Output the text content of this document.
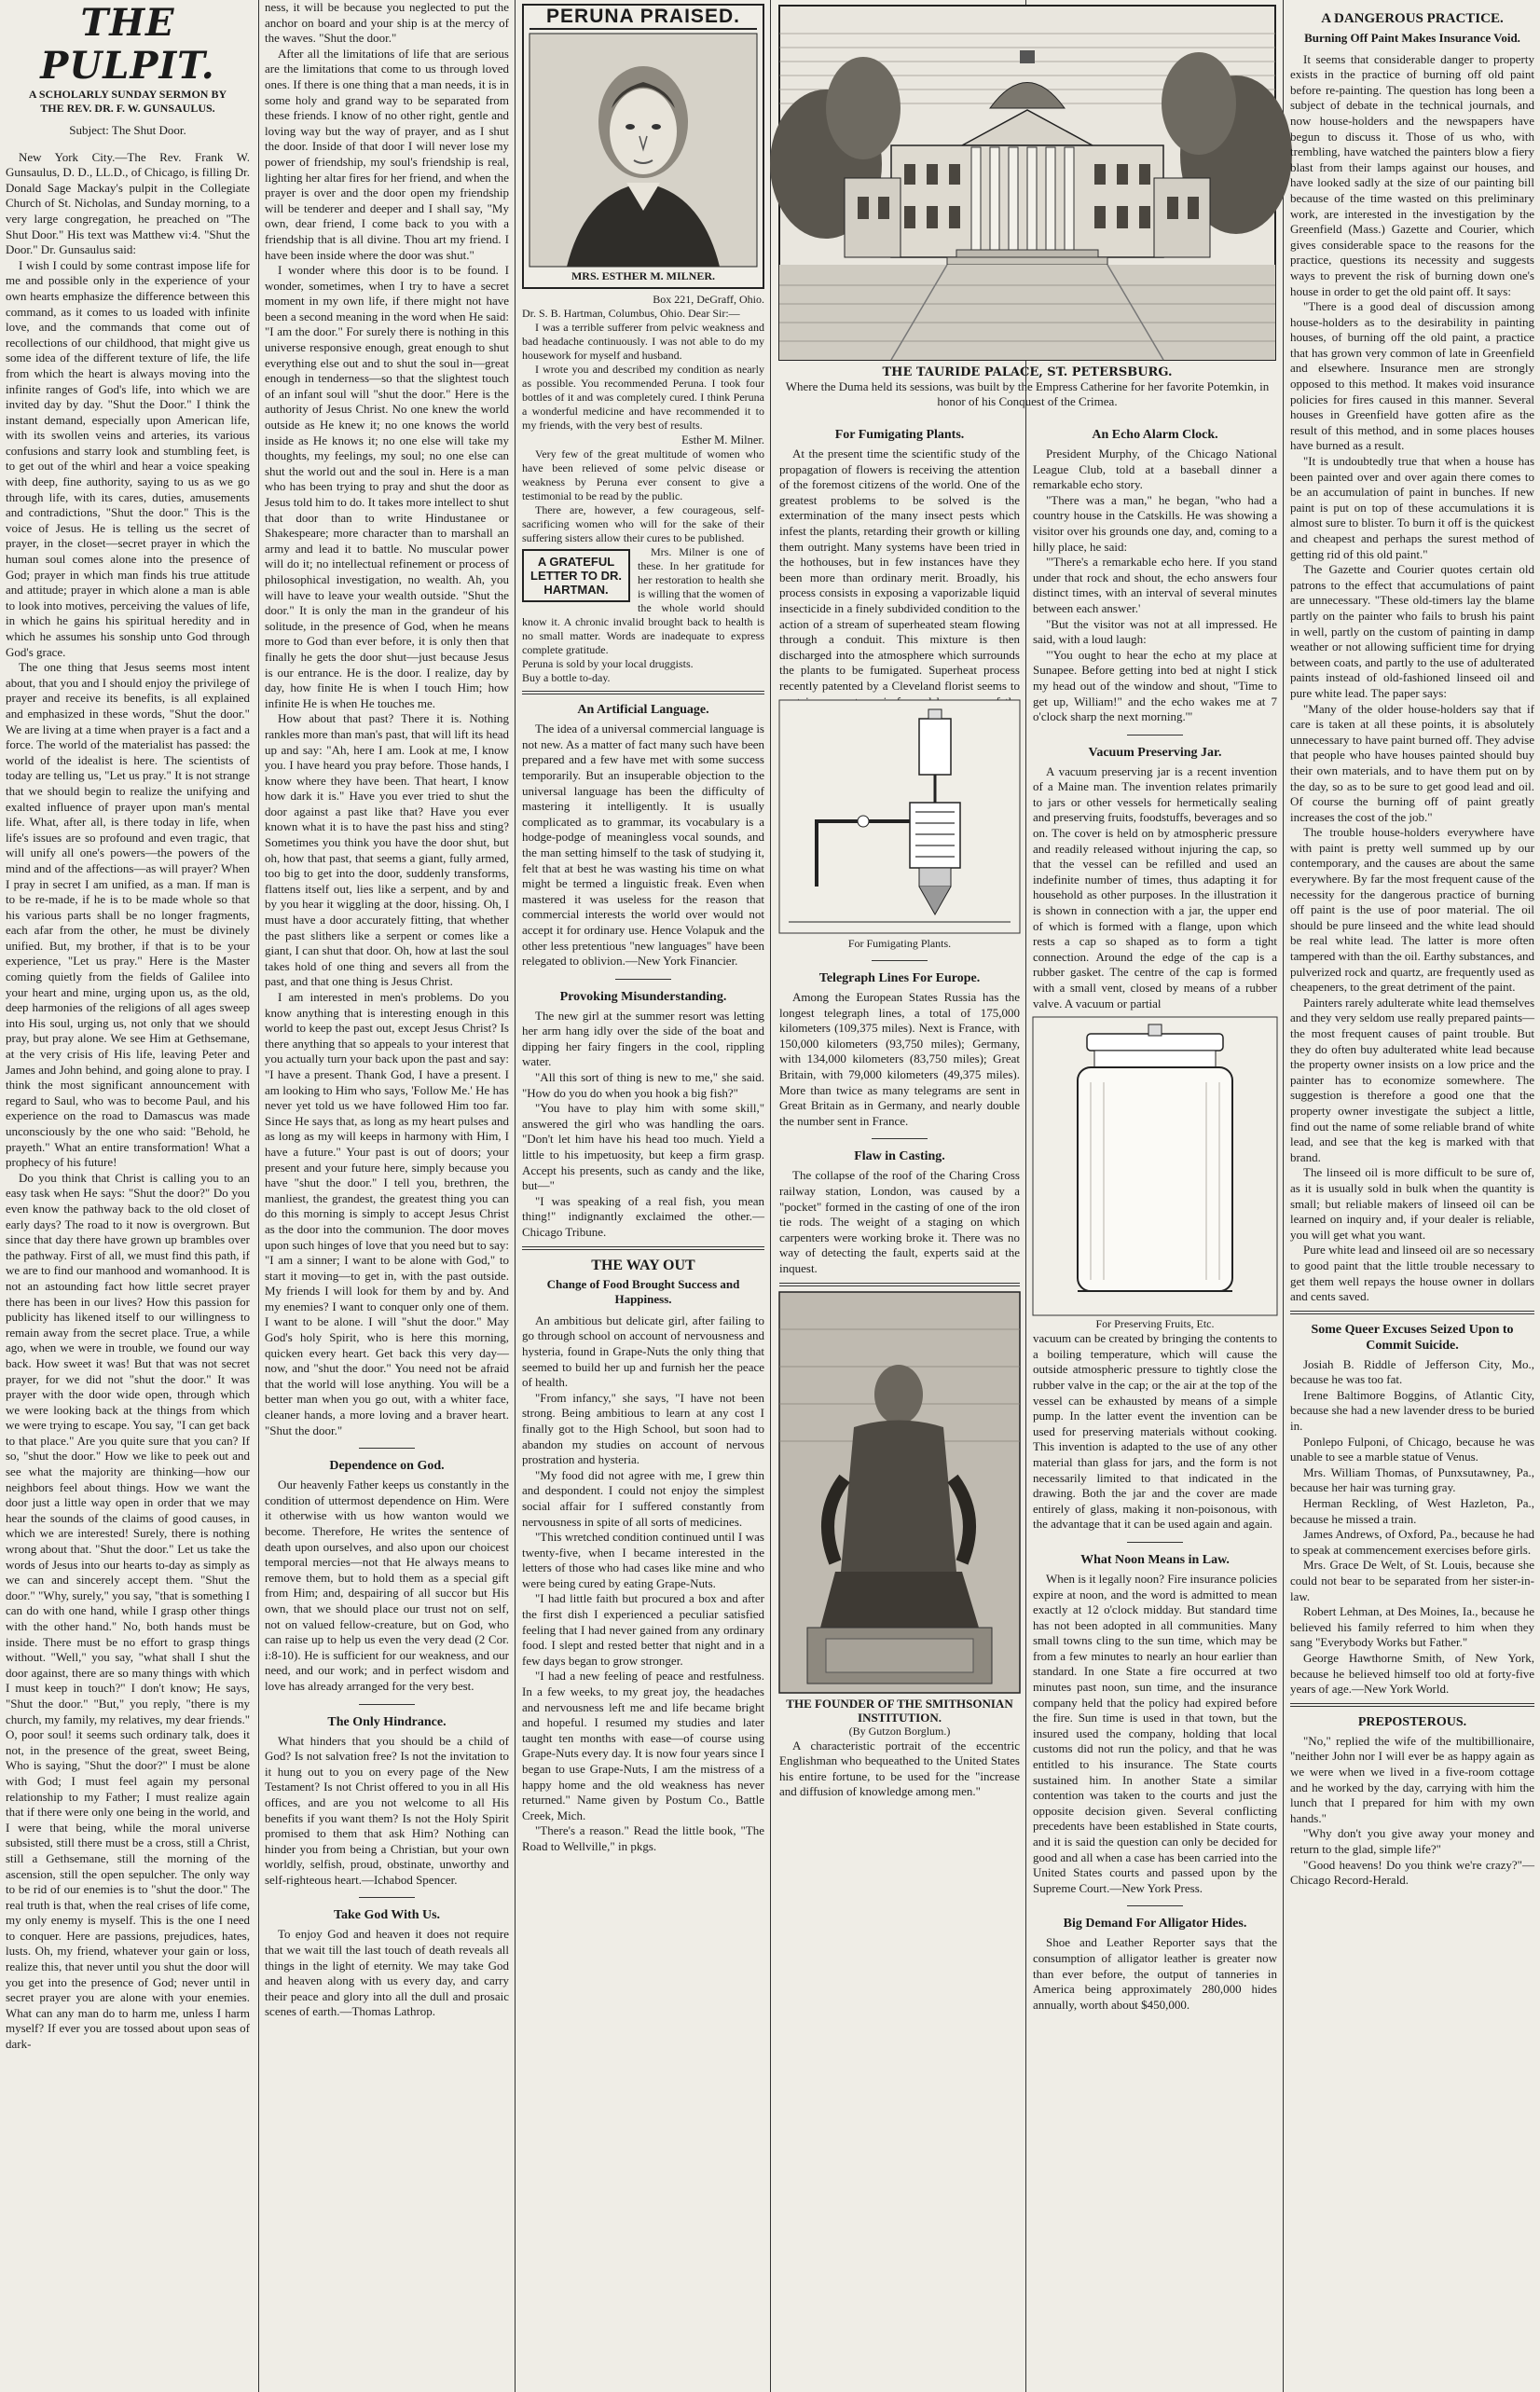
THE PULPIT.
A SCHOLARLY SUNDAY SERMON BY
THE REV. DR. F. W. GUNSAULUS.
Subject: The Shut Door.

New York City.—The Rev. Frank W. Gunsaulus, D. D., LL.D., of Chicago, is filling Dr. Donald Sage Mackay's pulpit in the Collegiate Church of St. Nicholas, and Sunday morning, to a very large congregation, he preached on "The Shut Door." His text was Matthew vi:4. "Shut the Door." Dr. Gunsaulus said:

I wish I could by some contrast impose life for me and possible only in the experience of your own hearts emphasize the difference between this command, as it comes to us loaded with infinite love, and the commands that come out of recollections of our childhood, that might give us some idea of the different texture of life, the life from which the heart is always moving into the infinite ranges of God's life, into which we are invited day by day. "Shut the Door." I think the instant demand, especially upon American life, with its swollen veins and arteries, its various confusions and starry look and stumbling feet, is to get out of the whirl and hear a voice speaking with deep, fine authority, saying to us as we go through life, with its cares, duties, amusements and contradictions, "Shut the door." This is the voice of Jesus. He is telling us the secret of prayer, in the closet—secret prayer in which the human soul comes alone into the presence of God; prayer in which man finds his true attitude and attitude; prayer in which alone a man is able to look into motives, perceiving the values of life, in which he gains his spiritual heredity and in which he assumes his sonship unto God through God's grace.

The one thing that Jesus seems most intent about, that you and I should enjoy the privilege of prayer and receive its benefits, is all explained and emphasized in these words, "Shut the door." We are living at a time when prayer is a fact and a force. The world of the materialist has passed: the world of the idealist is here. The scientists of today are telling us, "Let us pray." It is not strange that we should begin to realize the unifying and exalted influence of prayer upon man's mental life. What, after all, is there today in life, when life's issues are so profound and even tragic, that will unify all one's powers—the powers of the mind and of the affections—as will prayer? When I pray in secret I am unified, as a man. If man is to be re-made, if he is to be made whole so that his various parts shall be no longer fragments, each afar from the other, he must be divinely unified. But, my brother, if that is to be your experience, "Let us pray." Here is the Master coming quietly from the fields of Galilee into your heart and mine, urging upon us, as the old, deep harmonies of the religions of all ages sweep into His soul, urging us, not only that we should pray, but pray alone. We see Him at Gethsemane, at the very crisis of His life, leaving Peter and James and John behind, and going alone to pray. I think the most significant announcement with regard to Saul, who was to become Paul, and his experience on the road to Damascus was made unconsciously by the one who said: "Behold, he prayeth." What an entire transformation! What a prophecy of his future!

Do you think that Christ is calling you to an easy task when He says: "Shut the door?" Do you even know the pathway back to the old closet of early days? The road to it now is overgrown. But since that day there have grown up brambles over the pathway. First of all, we must find this path, if we are to find our manhood and womanhood. It is not an astounding fact how little secret prayer there has been in our lives? How this passion for publicity has likened itself to our willingness to remain away from the secret place. True, a while ago, when we were in trouble, we found our way back. How sweet it was! But that was not secret prayer, for we did not "shut the door." It was prayer with the door wide open, through which we were looking back at the things from which we were trying to escape. You say, "I can get back to that place." Are you quite sure that you can? If so, "shut the door." How we like to peek out and see what the majority are thinking—how our neighbors feel about things. How we want the door just a little way open in order that we may hear the sounds of the claims of good causes, in which we are interested! Surely, there is nothing wrong about that. "Shut the door." Let us take the words of Jesus into our hearts to-day as simply as we can and sincerely accept them. "Shut the door." "Why, surely," you say, "that is something I can do with one hand, while I grasp other things with the other hand." No, both hands must be inside. There must be no effort to grasp things without. "Well," you say, "what shall I shut the door against, there are so many things with which I must keep in touch?" I don't know; He says, "Shut the door." "But," you reply, "there is my church, my family, my relatives, my dear friends." O, poor soul! it seems such ordinary talk, does it not, in the presence of the great, sweet Being, Who is saying, "Shut the door?" I must be alone with God; I must feel again my personal relationship to my Father; I must realize again that if there were only one being in the world, and I were that being, while the moral universe subsisted, still there must be a cross, still a Christ, still a Gethsemane, still the morning of the ascension, still the open sepulcher. The only way to be rid of our enemies is to "shut the door." The real truth is that, when the real crises of life come, my only enemy is myself. This is the one I need to conquer. Here are passions, prejudices, hates, lusts. Oh, my friend, whatever your gain or loss, realize this, that never until you shut the door will you get into the presence of God; never until in secret prayer you are alone with your enemies. What can any man do to harm me, unless I harm myself? If ever you are tossed about upon seas of dark-

ness, it will be because you neglected to put the anchor on board and your ship is at the mercy of the waves. "Shut the door."

After all the limitations of life that are serious are the limitations that come to us through loved ones. If there is one thing that a man needs, it is in some holy and grand way to be separated from these friends. I know of no other right, gentle and loving way but the way of prayer, and as I shut the door. Inside of that door I will never lose my power of friendship, my soul's friendship is real, lighting her altar fires for her friend, and when the prayer is over and the door open my friendship will be tenderer and deeper and I shall say, "My own, dear friend, I come back to you with a friendship that is all divine. Thou art my friend. I have been inside where the door was shut."

I wonder where this door is to be found. I wonder, sometimes, when I try to have a secret moment in my own life, if there might not have been a second meaning in the word when He said: "I am the door." For surely there is nothing in this universe responsive enough, great enough to shut everything else out and to shut the soul in—great enough in tenderness—so that the slightest touch of an infant soul will "shut the door." Here is the authority of Jesus Christ. No one knew the world outside as He knew it; no one knows the world inside as He knows it; no one else will take my thoughts, my feelings, my soul; no one else can shut the world out and the soul in. Here is a man who has been trying to pray and shut the door as Jesus told him to do. It takes more intellect to shut that door than to write Hindustanee or Shakespeare; more character than to marshall an army and lead it to battle. No muscular power will do it; no intellectual refinement or process of philosophical investigation, no wealth. Ah, you will have to leave your wealth outside. "Shut the door." It is only the man in the grandeur of his solitude, in the presence of God, when he means more to God than ever before, it is only then that finally he gets the door shut—just because Jesus is our entrance. He is the door. I realize, day by day, how finite He is when I touch Him; how infinite He is when He touches me.

How about that past? There it is. Nothing rankles more than man's past, that will lift its head up and say: "Ah, here I am. Look at me, I know you. I have heard you pray before. Those hands, I know where they have been. That heart, I know how dark it is." Have you ever tried to shut the door against a past like that? Have you ever known what it is to have the past hiss and sting? Sometimes you think you have the door shut, but oh, how that past, that seems a giant, fully armed, too big to get into the door, suddenly transforms, flattens itself out, lies like a serpent, and by and by you hear it wiggling at the door, hissing. Oh, I must have a door accurately fitting, that whether the past slithers like a serpent or comes like a giant, I can shut that door. Oh, how at last the soul takes hold of one thing and severs all from the past, and that one thing is Jesus Christ.

I am interested in men's problems. Do you know anything that is interesting enough in this world to keep the past out, except Jesus Christ? Is there anything that so appeals to your interest that you actually turn your back upon the past and say: "I have a present. Thank God, I have a present. I am looking to Him who says, 'Follow Me.' He has never yet told us we have followed Him too far. Since He says that, as long as my heart pulses and as long as my will keeps in harmony with Him, I have a future." Your past is out of doors; your present and your future here, simply because you have "shut the door." I tell you, brethren, the manliest, the grandest, the greatest thing you can do this morning is simply to accept Jesus Christ as the door into the communion. The door moves upon such hinges of love that you need but to say: "I am a sinner; I want to be alone with God," to start it moving—to get in, with the past outside. My friends I will look for them by and by. And my enemies? I want to conquer only one of them. I want to be alone. I will "shut the door." May God's holy Spirit, who is here this morning, quicken every heart. Get back this very day—now, and "shut the door." You need not be afraid that the world will lose anything. You will be a better man when you go out, with a whiter face, cleaner hands, a more loving and a braver heart. "Shut the door."

Dependence on God.

Our heavenly Father keeps us constantly in the condition of uttermost dependence on Him. Were it otherwise with us how wanton would we become. Therefore, He writes the sentence of death upon ourselves, and also upon our choicest temporal mercies—not that He always means to remove them, but to hold them as a special gift from Him; and, despairing of all succor but His own, that we should place our trust not on self, not on valued fellow-creature, but on God, who can raise up to help us even the very dead (2 Cor. i:8-10). He is sufficient for our weakness, and our need, and our work; and in perfect wisdom and love has already arranged for the very best.

The Only Hindrance.

What hinders that you should be a child of God? Is not salvation free? Is not the invitation to it hung out to you on every page of the New Testament? Is not Christ offered to you in all His offices, and are you not welcome to all His benefits if you want them? Is not the Holy Spirit promised to them that ask Him? Nothing can hinder you from being a Christian, but your own worldly, selfish, proud, obstinate, unworthy and self-righteous heart.—Ichabod Spencer.

Take God With Us.

To enjoy God and heaven it does not require that we wait till the last touch of death reveals all things in the light of eternity. We may take God and heaven along with us every day, and carry their peace and glory into all the dull and prosaic scenes of earth.—Thomas Lathrop.

PERUNA PRAISED.
MRS. ESTHER M. MILNER.
Box 221, DeGraff, Ohio.

Dr. S. B. Hartman, Columbus, Ohio. Dear Sir:—

I was a terrible sufferer from pelvic weakness and bad headache continuously. I was not able to do my housework for myself and husband.

I wrote you and described my condition as nearly as possible. You recommended Peruna. I took four bottles of it and was completely cured. I think Peruna a wonderful medicine and have recommended it to my friends, with the very best of results.

Esther M. Milner.

Very few of the great multitude of women who have been relieved of some pelvic disease or weakness by Peruna ever consent to give a testimonial to be read by the public.

There are, however, a few courageous, self-sacrificing women who will for the sake of their suffering sisters allow their cures to be published.

A GRATEFUL LETTER TO DR. HARTMAN.

Mrs. Milner is one of these. In her gratitude for her restoration to health she is willing that the women of the whole world should know it. A chronic invalid brought back to health is no small matter. Words are inadequate to express complete gratitude.

Peruna is sold by your local druggists.
Buy a bottle to-day.
An Artificial Language.

The idea of a universal commercial language is not new. As a matter of fact many such have been prepared and a few have met with some success temporarily. But an insuperable objection to the universal language has been the difficulty of mastering it intelligently. It is usually complicated as to grammar, its vocabulary is a hodge-podge of meaningless vocal sounds, and the man setting himself to the task of studying it, felt that at best he was wasting his time on what might be termed a linguistic freak. Even when mastered it was useless for the reason that commercial interests the world over would not accept it for ordinary use. Hence Volapuk and the other less pretentious "new languages" have been relegated to oblivion.—New York Financier.

Provoking Misunderstanding.

The new girl at the summer resort was letting her arm hang idly over the side of the boat and dipping her fairy fingers in the cool, rippling water.

"All this sort of thing is new to me," she said. "How do you do when you hook a big fish?"

"You have to play him with some skill," answered the girl who was handling the oars. "Don't let him have his head too much. Yield a little to his impetuosity, but keep a firm grasp. Accept his presents, such as candy and the like, but—"

"I was speaking of a real fish, you mean thing!" indignantly exclaimed the other.—Chicago Tribune.

THE WAY OUT
Change of Food Brought Success and Happiness.

An ambitious but delicate girl, after failing to go through school on account of nervousness and hysteria, found in Grape-Nuts the only thing that seemed to build her up and furnish her the peace of health.

"From infancy," she says, "I have not been strong. Being ambitious to learn at any cost I finally got to the High School, but soon had to abandon my studies on account of nervous prostration and hysteria.

"My food did not agree with me, I grew thin and despondent. I could not enjoy the simplest social affair for I suffered constantly from nervousness in spite of all sorts of medicines.

"This wretched condition continued until I was twenty-five, when I became interested in the letters of those who had cases like mine and who were being cured by eating Grape-Nuts.

"I had little faith but procured a box and after the first dish I experienced a peculiar satisfied feeling that I had never gained from any ordinary food. I slept and rested better that night and in a few days began to grow stronger.

"I had a new feeling of peace and restfulness. In a few weeks, to my great joy, the headaches and nervousness left me and life became bright and hopeful. I resumed my studies and later taught ten months with ease—of course using Grape-Nuts every day. It is now four years since I began to use Grape-Nuts, I am the mistress of a happy home and the old weakness has never returned." Name given by Postum Co., Battle Creek, Mich.

"There's a reason." Read the little book, "The Road to Wellville," in pkgs.

THE TAURIDE PALACE, ST. PETERSBURG.
Where the Duma held its sessions, was built by the Empress Catherine for her favorite Potemkin, in honor of his Conquest of the Crimea.
For Fumigating Plants.

At the present time the scientific study of the propagation of flowers is receiving the attention of the foremost citizens of the world. One of the greatest problems to be solved is the extermination of the many insect pests which infest the plants, retarding their growth or killing them outright. Many systems have been tried in the hothouses, but in few instances have they been more than ordinary merit. Broadly, his process consists in exposing a vaporizable liquid insecticide in a finely subdivided condition to the action of a stream of superheated steam flowing through a conduit. This mixture is then discharged into the atmosphere which surrounds the plants to be fumigated. Superheat process recently patented by a Cleveland florist seems to

For Fumigating Plants.
Telegraph Lines For Europe.

Among the European States Russia has the longest telegraph lines, a total of 175,000 kilometers (109,375 miles). Next is France, with 150,000 kilometers (93,750 miles); Germany, with 134,000 kilometers (83,750 miles); Great Britain, with 79,000 kilometers (49,375 miles). More than twice as many telegrams are sent in Great Britain as in Germany, and nearly double the number sent in France.

Flaw in Casting.

The collapse of the roof of the Charing Cross railway station, London, was caused by a "pocket" formed in the casting of one of the iron tie rods. The weight of a staging on which carpenters were working broke it. There was no way of detecting the fault, experts said at the inquest.

THE FOUNDER OF THE SMITHSONIAN INSTITUTION.
(By Gutzon Borglum.)

A characteristic portrait of the eccentric Englishman who bequeathed to the United States his entire fortune, to be used for the "increase and diffusion of knowledge among men."

An Echo Alarm Clock.

President Murphy, of the Chicago National League Club, told at a baseball dinner a remarkable echo story.

"There was a man," he began, "who had a country house in the Catskills. He was showing a visitor over his grounds one day, and, coming to a hilly place, he said:

"'There's a remarkable echo here. If you stand under that rock and shout, the echo answers four distinct times, with an interval of several minutes between each answer.'

"But the visitor was not at all impressed. He said, with a loud laugh:

"'You ought to hear the echo at my place at Sunapee. Before getting into bed at night I stick my head out of the window and shout, "Time to get up, William!" and the echo wakes me at 7 o'clock sharp the next morning.'"

Vacuum Preserving Jar.

A vacuum preserving jar is a recent invention of a Maine man. The invention relates primarily to jars or other vessels for hermetically sealing and preserving fruits, foodstuffs, beverages and so on. The cover is held on by atmospheric pressure and readily released without injuring the cap, so that the vessel can be refilled and used an indefinite number of times, thus adapting it for household as other purposes. In the illustration it is shown in connection with a jar, the upper end of which is formed with a flange, upon which rests a cap so shaped as to form a tight connection. Around the edge of the cap is a rubber gasket. The centre of the cap is formed with a small vent, closed by means of a rubber valve. A vacuum or partial

For Preserving Fruits, Etc.

vacuum can be created by bringing the contents to a boiling temperature, which will cause the outside atmospheric pressure to tightly close the rubber valve in the cap; or the air at the top of the vessel can be exhausted by means of a simple pump. In the latter event the invention can be used for preserving materials without cooking. This invention is adapted to the use of any other material than glass for jars, and the form is not necessarily limited to that indicated in the drawing. Both the jar and the cover are made entirely of glass, making it non-poisonous, with the advantage that it can be used again and again.

What Noon Means in Law.

When is it legally noon? Fire insurance policies expire at noon, and the word is admitted to mean exactly at 12 o'clock midday. But standard time has not been adopted in all communities. Many small towns cling to the sun time, which may be from a few minutes to nearly an hour earlier than standard. In one State a fire occurred at two minutes past noon, sun time, and the insurance company held that the policy had expired before the fire. Sun time is used in that town, but the insured used the company, holding that local customs did not run the policy, and that he was entitled to his insurance. The State courts sustained him. In another State a similar contention was taken to the courts and just the opposite decision given. Several conflicting precedents have been established in State courts, and it is said the question can only be decided for good and all when a case has been carried into the United States courts and passed upon by the Supreme Court.—New York Press.

Big Demand For Alligator Hides.

Shoe and Leather Reporter says that the consumption of alligator leather is greater now than ever before, the output of tanneries in America being approximately 280,000 hides annually, worth about $450,000.

A DANGEROUS PRACTICE.
Burning Off Paint Makes Insurance Void.

It seems that considerable danger to property exists in the practice of burning off old paint before re-painting. The question has long been a subject of debate in the technical journals, and now house-holders and the newspapers have begun to discuss it. Those of us who, with trembling, have watched the painters blow a fiery blast from their lamps against our houses, and have looked sadly at the size of our painting bill because of the time wasted on this preliminary work, are interested in the investigation by the Greenfield (Mass.) Gazette and Courier, which gives considerable space to the reasons for the practice, questions its necessity and suggests ways to prevent the risk of burning down one's house in order to get the old paint off. It says:

"There is a good deal of discussion among house-holders as to the desirability in painting houses, of burning off the old paint, a practice that has grown very common of late in Greenfield and elsewhere. Insurance men are strongly opposed to this method. It makes void insurance policies for fires caused in this manner. Several houses in Greenfield have gotten afire as the result of this method, and in some places houses have burned as a result.

"It is undoubtedly true that when a house has been painted over and over again there comes to be an accumulation of paint in bunches. If new paint is put on top of these accumulations it is almost sure to blister. To burn it off is the quickest and cheapest and perhaps the surest method of getting rid of this old paint."

The Gazette and Courier quotes certain old patrons to the effect that accumulations of paint are unnecessary. "These old-timers lay the blame partly on the painter who fails to brush his paint in well, partly on the custom of painting in damp weather or not allowing sufficient time for drying between coats, and partly to the use of adulterated paints instead of old-fashioned linseed oil and pure white lead. The paper says:

"Many of the older house-holders say that if care is taken at all these points, it is absolutely unnecessary to have paint burned off. They advise that people who have houses painted should buy their own materials, and to have them put on by the day, so as to be sure to get good lead and oil. Of course the burning off of paint greatly increases the cost of the job."

The trouble house-holders everywhere have with paint is pretty well summed up by our contemporary, and the causes are about the same everywhere. By far the most frequent cause of the necessity for the dangerous practice of burning off paint is the use of poor material. The oil should be pure linseed and the white lead should be real white lead. The latter is more often tampered with than the oil. Earthy substances, and pulverized rock and quartz, are frequently used as cheapeners, to the great detriment of the paint.

Painters rarely adulterate white lead themselves and they very seldom use really prepared paints—the most frequent causes of paint trouble. But they do often buy adulterated white lead because the property owner insists on a low price and the painter has to economize somewhere. The suggestion is therefore a good one that the property owner investigate the subject a little, find out the name of some reliable brand of white lead, and see that the keg is marked with that brand.

The linseed oil is more difficult to be sure of, as it is usually sold in bulk when the quantity is small; but reliable makers of linseed oil can be learned on inquiry and, if your dealer is reliable, you will get what you want.

Pure white lead and linseed oil are so necessary to good paint that the little trouble necessary to get them well repays the house owner in dollars and cents saved.

Some Queer Excuses Seized Upon to Commit Suicide.

Josiah B. Riddle of Jefferson City, Mo., because he was too fat.

Irene Baltimore Boggins, of Atlantic City, because she had a new lavender dress to be buried in.

Ponlepo Fulponi, of Chicago, because he was unable to see a marble statue of Venus.

Mrs. William Thomas, of Punxsutawney, Pa., because her hair was turning gray.

Herman Reckling, of West Hazleton, Pa., because he missed a train.

James Andrews, of Oxford, Pa., because he had to speak at commencement exercises before girls.

Mrs. Grace De Welt, of St. Louis, because she could not bear to be separated from her sister-in-law.

Robert Lehman, at Des Moines, Ia., because he believed his family referred to him when they sang "Everybody Works but Father."

George Hawthorne Smith, of New York, because he believed himself too old at forty-five years of age.—New York World.

PREPOSTEROUS.

"No," replied the wife of the multibillionaire, "neither John nor I will ever be as happy again as we were when we lived in a five-room cottage and he worked by the day, carrying with him the lunch that I prepared for him with my own hands."

"Why don't you give away your money and return to the glad, simple life?"

"Good heavens! Do you think we're crazy?"—Chicago Record-Herald.
